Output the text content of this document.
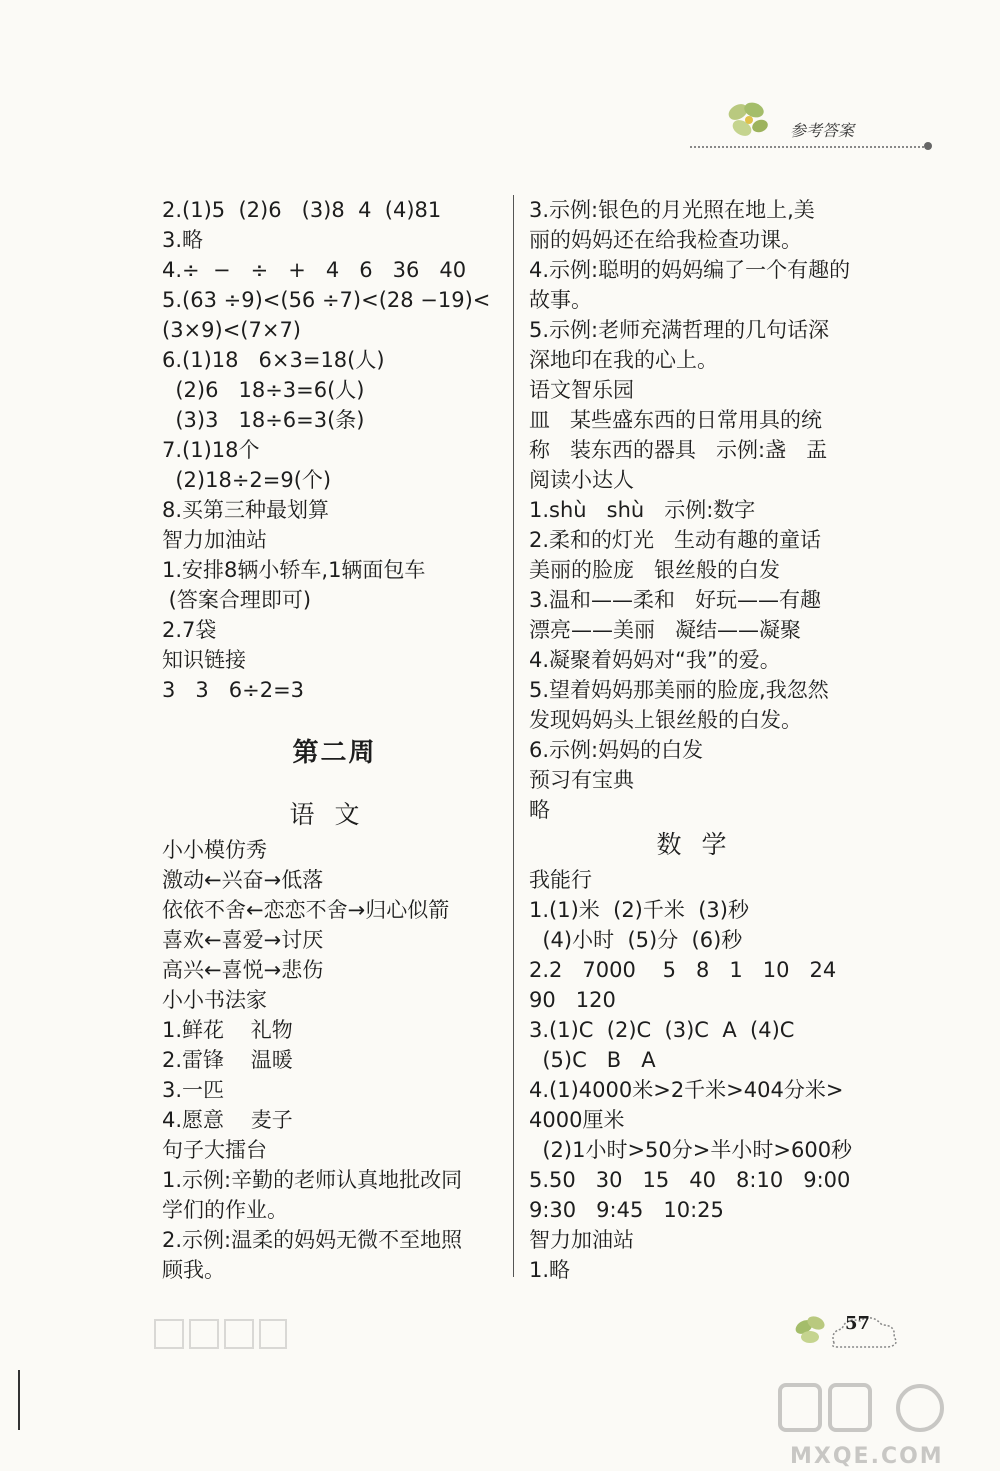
参考答案
2.(1)5  (2)6   (3)8  4  (4)81
3.略
4.÷  −   ÷   +   4   6   36   40
5.(63 ÷9)<(56 ÷7)<(28 −19)<
(3×9)<(7×7)
6.(1)18   6×3=18(人)
(2)6   18÷3=6(人)
(3)3   18÷6=3(条)
7.(1)18个
(2)18÷2=9(个)
8.买第三种最划算
智力加油站
1.安排8辆小轿车,1辆面包车
(答案合理即可)
2.7袋
知识链接
3   3   6÷2=3
第二周
语文
小小模仿秀
激动←兴奋→低落
依依不舍←恋恋不舍→归心似箭
喜欢←喜爱→讨厌
高兴←喜悦→悲伤
小小书法家
1.鲜花    礼物
2.雷锋    温暖
3.一匹
4.愿意    麦子
句子大擂台
1.示例:辛勤的老师认真地批改同
学们的作业。
2.示例:温柔的妈妈无微不至地照
顾我。
3.示例:银色的月光照在地上,美
丽的妈妈还在给我检查功课。
4.示例:聪明的妈妈编了一个有趣的
故事。
5.示例:老师充满哲理的几句话深
深地印在我的心上。
语文智乐园
皿   某些盛东西的日常用具的统
称   装东西的器具   示例:盏   盂
阅读小达人
1.shù   shù   示例:数字
2.柔和的灯光   生动有趣的童话
美丽的脸庞   银丝般的白发
3.温和——柔和   好玩——有趣
漂亮——美丽   凝结——凝聚
4.凝聚着妈妈对“我”的爱。
5.望着妈妈那美丽的脸庞,我忽然
发现妈妈头上银丝般的白发。
6.示例:妈妈的白发
预习有宝典
略
数学
我能行
1.(1)米  (2)千米  (3)秒
(4)小时  (5)分  (6)秒
2.2   7000    5   8   1   10   24
90   120
3.(1)C  (2)C  (3)C  A  (4)C
(5)C   B   A
4.(1)4000米>2千米>404分米>
4000厘米
(2)1小时>50分>半小时>600秒
5.50   30   15   40   8:10   9:00
9:30   9:45   10:25
智力加油站
1.略
57
MXQE.COM
